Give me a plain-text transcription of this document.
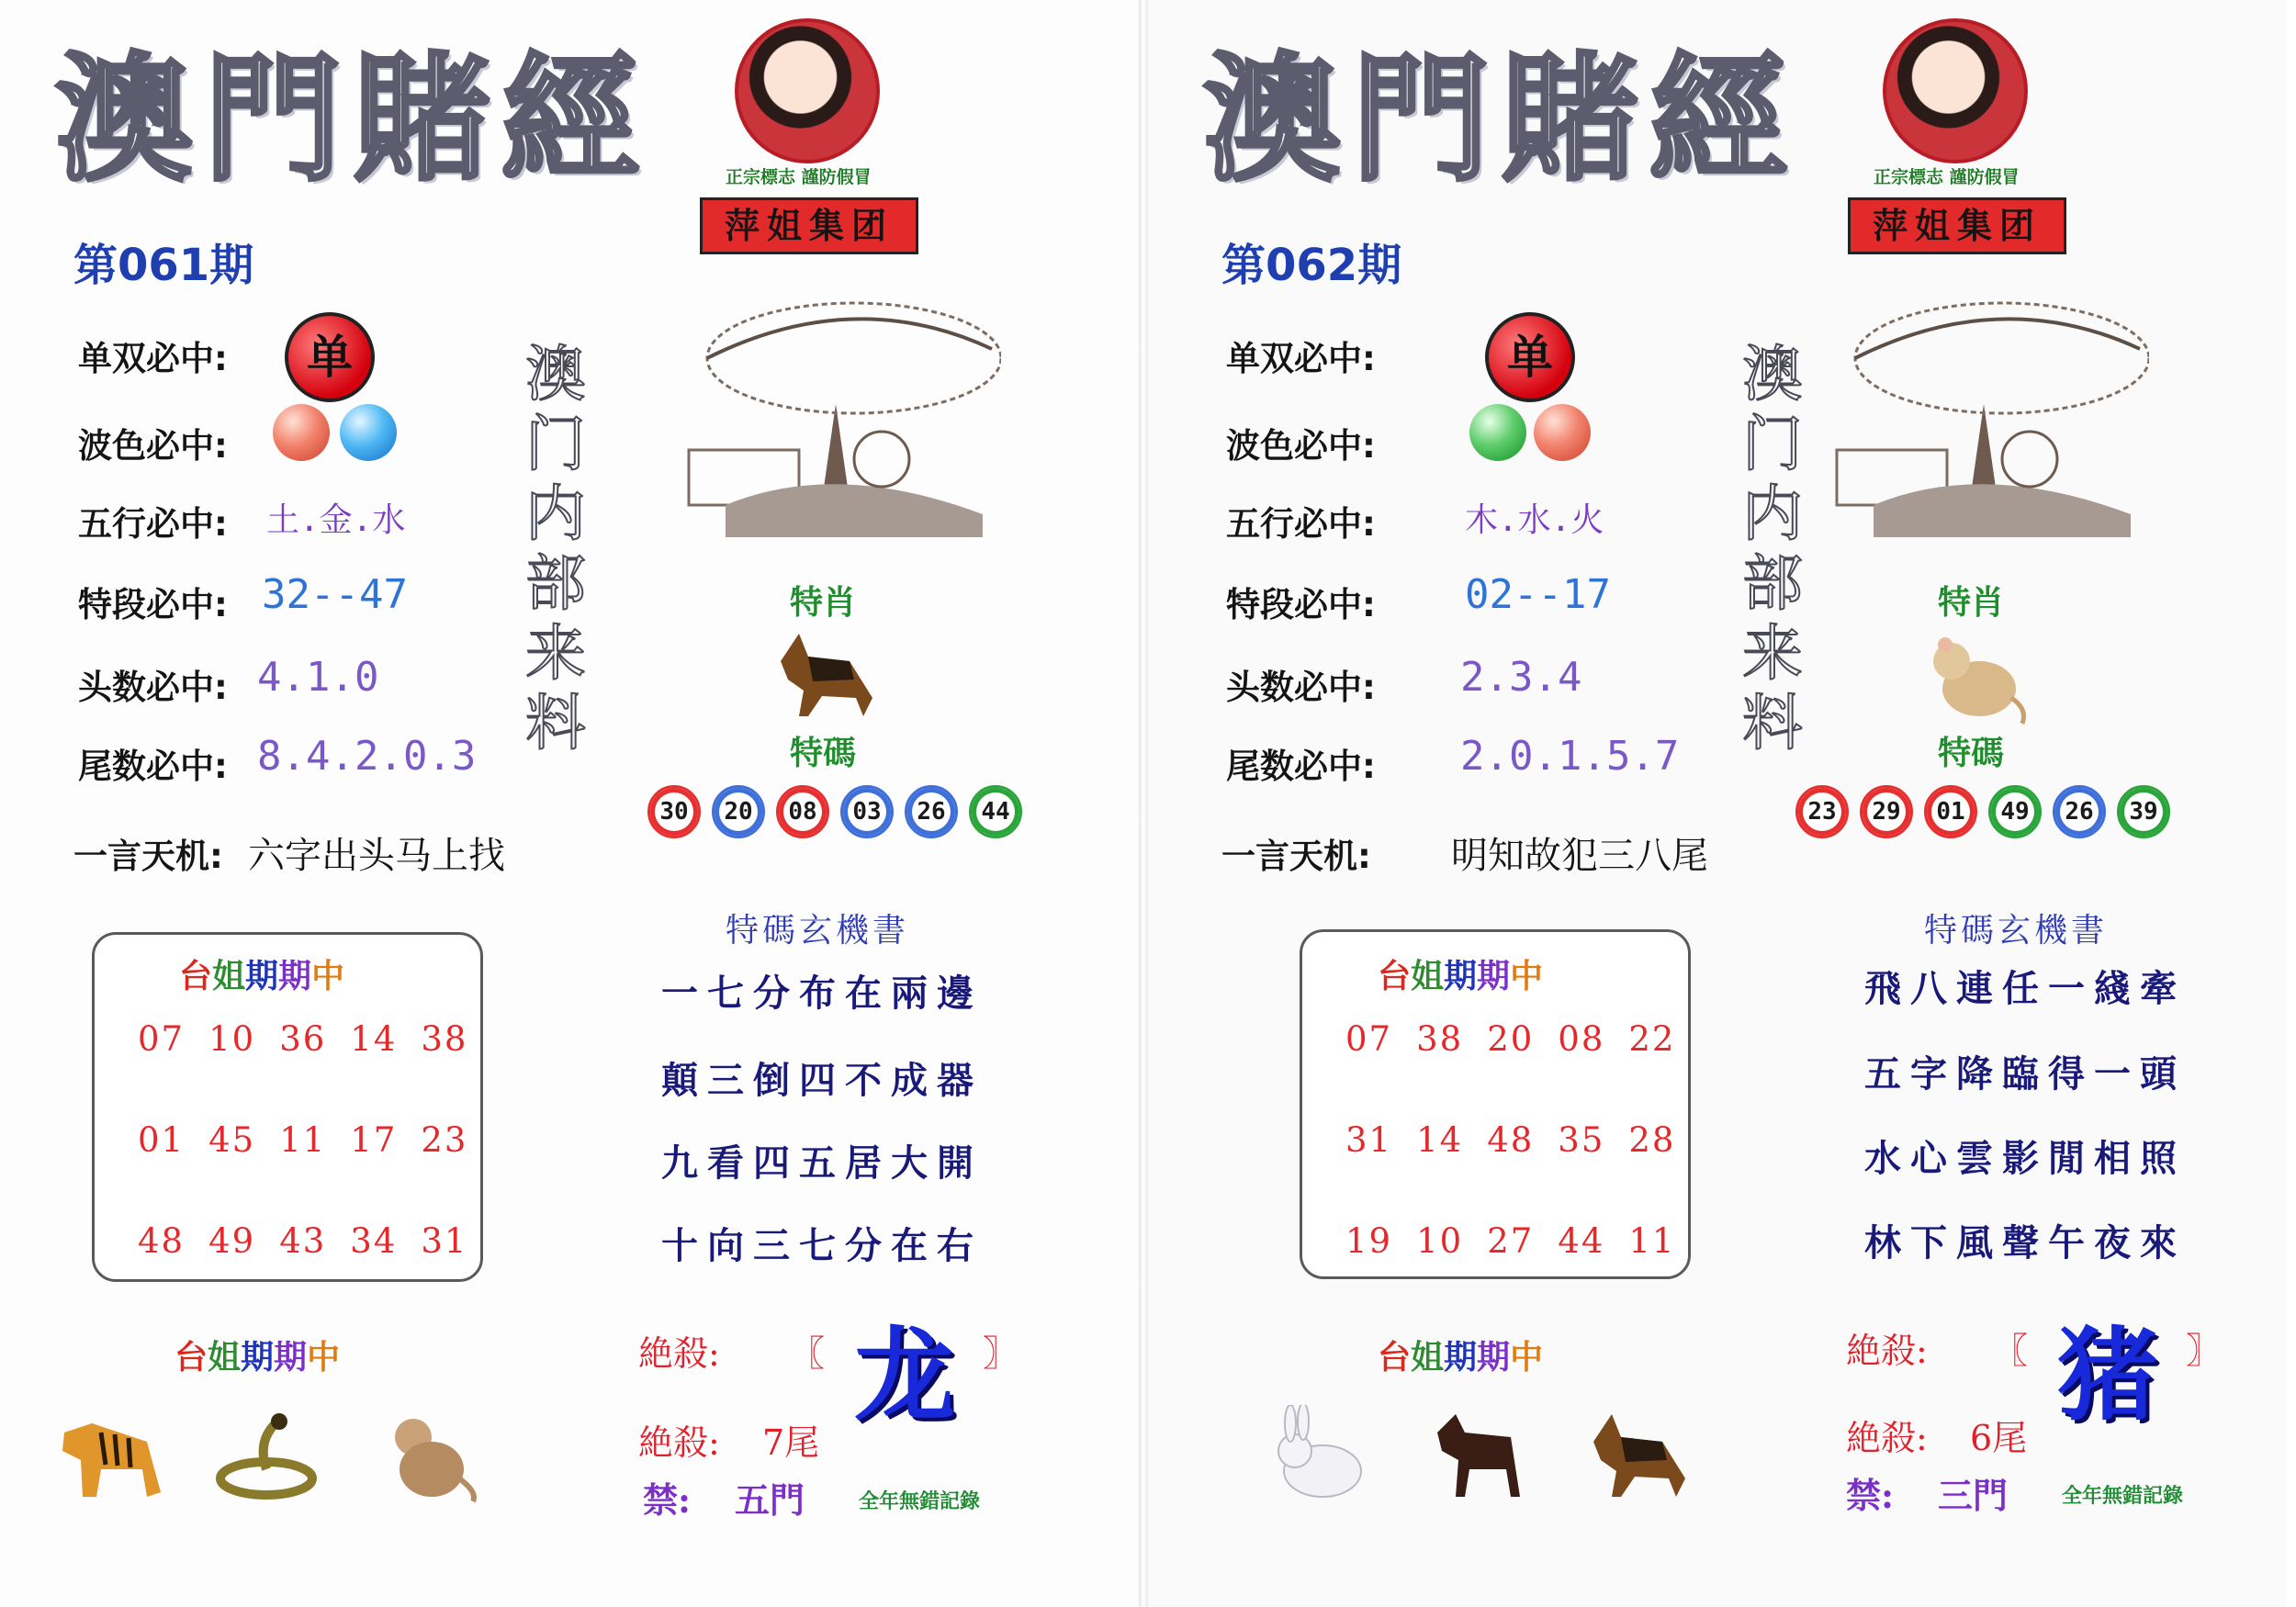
澳門賭經	正宗標志 謹防假冒
萍姐集团
第061期
单双必中:	单
波色必中:
五行必中: 土.金.水
特段必中: 32--47
头数必中: 4.1.0
尾数必中: 8.4.2.0.3
一言天机: 六字出头马上找
澳门内部来料
特肖
特碼
30	20	08	03	26	44
台姐期期中
07 10 36 14 38
01 45 11 17 23
48 49 43 34 31
特碼玄機書
一七分布在兩邊
顛三倒四不成器
九看四五居大開
十向三七分在右
台姐期期中	絶殺: 〖 龙 〗
絶殺: 7尾
禁: 五門	全年無錯記錄
澳門賭經	正宗標志 謹防假冒
萍姐集团
第062期
单双必中:	单
波色必中:
五行必中:	木.水.火
特段必中: 02--17
头数必中: 2.3.4
尾数必中: 2.0.1.5.7
一言天机: 明知故犯三八尾
澳门内部来料
特肖
特碼
23	29	01	49	26	39
台姐期期中
07 38 20 08 22
31 14 48 35 28
19 10 27 44 11
特碼玄機書
飛八連任一綫牽
五字降臨得一頭
水心雲影閒相照
林下風聲午夜來
台姐期期中	絶殺: 〖 猪 〗
絶殺: 6尾
禁: 三門	全年無錯記錄
